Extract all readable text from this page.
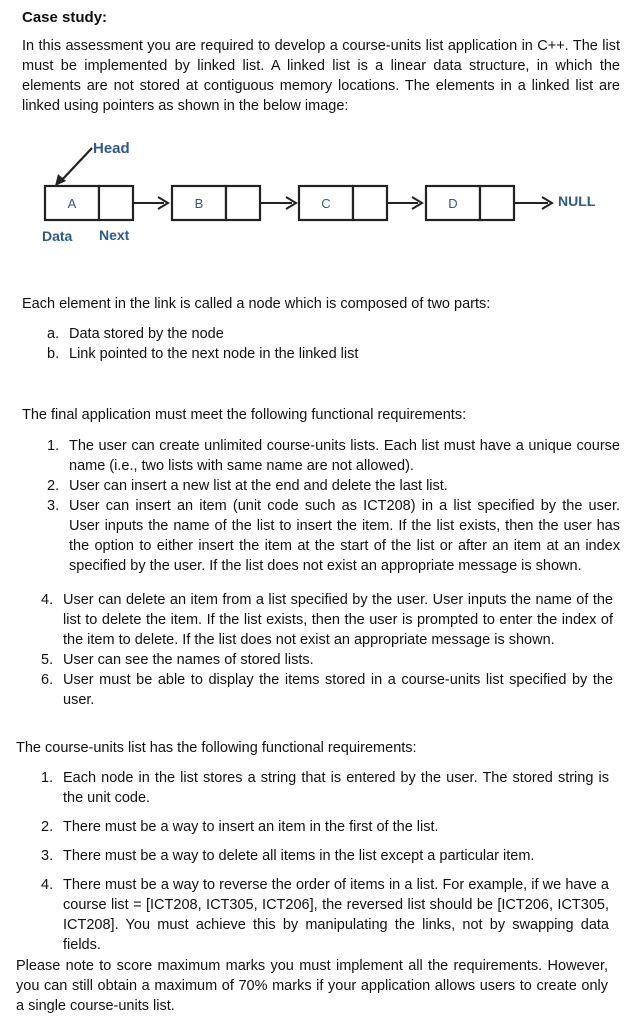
Case study:
In this assessment you are required to develop a course-units list application in C++. The list must be implemented by linked list. A linked list is a linear data structure, in which the elements are not stored at contiguous memory locations. The elements in a linked list are linked using pointers as shown in the below image:
Head
A	B	C	D	NULL
Data Next
Each element in the link is called a node which is composed of two parts:
a. Data stored by the node
b. Link pointed to the next node in the linked list
The final application must meet the following functional requirements:
1. The user can create unlimited course-units lists. Each list must have a unique course name (i.e., two lists with same name are not allowed).
2. User can insert a new list at the end and delete the last list.
3. User can insert an item (unit code such as ICT208) in a list specified by the user. User inputs the name of the list to insert the item. If the list exists, then the user has the option to either insert the item at the start of the list or after an item at an index specified by the user. If the list does not exist an appropriate message is shown.
4. User can delete an item from a list specified by the user. User inputs the name of the list to delete the item. If the list exists, then the user is prompted to enter the index of the item to delete. If the list does not exist an appropriate message is shown.
5. User can see the names of stored lists.
6. User must be able to display the items stored in a course-units list specified by the user.
The course-units list has the following functional requirements:
1. Each node in the list stores a string that is entered by the user. The stored string is the unit code.
2. There must be a way to insert an item in the first of the list.
3. There must be a way to delete all items in the list except a particular item.
4. There must be a way to reverse the order of items in a list. For example, if we have a course list = [ICT208, ICT305, ICT206], the reversed list should be [ICT206, ICT305, ICT208]. You must achieve this by manipulating the links, not by swapping data fields.
Please note to score maximum marks you must implement all the requirements. However, you can still obtain a maximum of 70% marks if your application allows users to create only a single course-units list.
